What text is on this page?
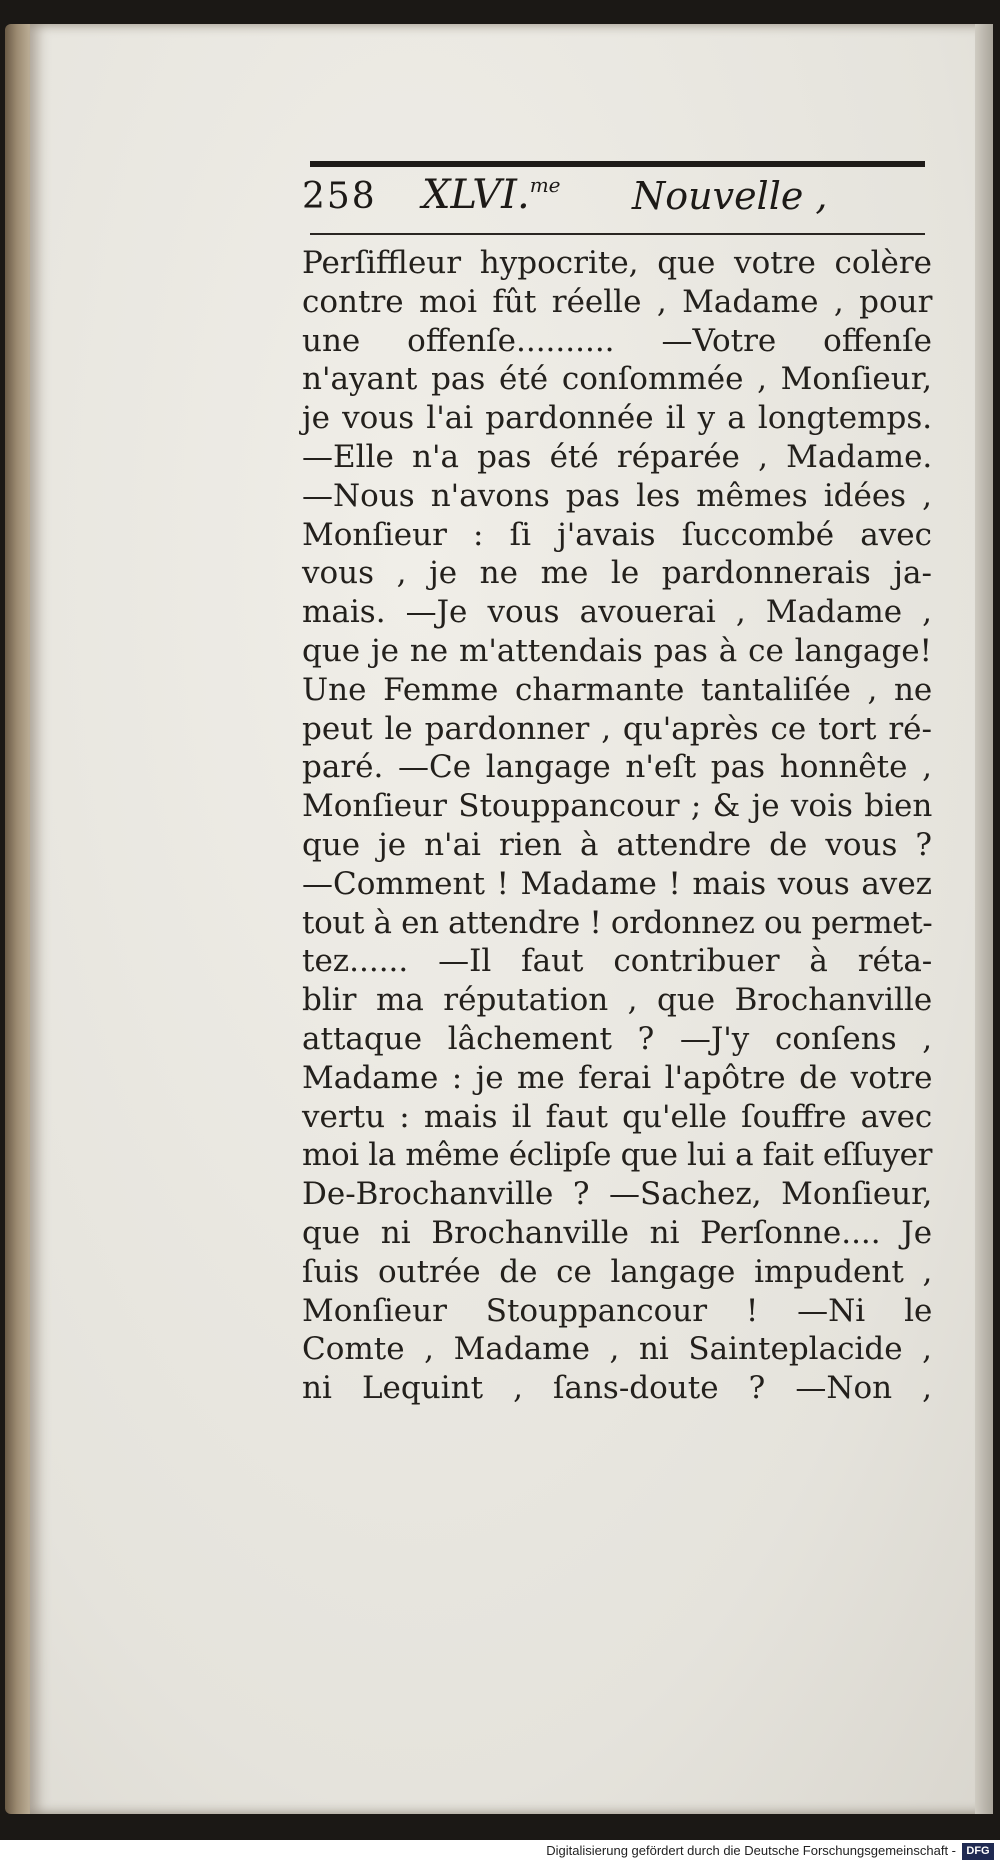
258 XLVI.$^{me}$ Nouvelle ,
Perſiffleur hypocrite, que votre colère
contre moi fût réelle , Madame , pour
une offenſe.......... —Votre offenſe
n'ayant pas été conſommée , Monſieur,
je vous l'ai pardonnée il y a longtemps.
—Elle n'a pas été réparée , Madame.
—Nous n'avons pas les mêmes idées ,
Monſieur : ſi j'avais ſuccombé avec
vous , je ne me le pardonnerais ja-
mais. —Je vous avouerai , Madame ,
que je ne m'attendais pas à ce langage!
Une Femme charmante tantaliſée , ne
peut le pardonner , qu'après ce tort ré-
paré. —Ce langage n'eſt pas honnête ,
Monſieur Stouppancour ; & je vois bien
que je n'ai rien à attendre de vous ?
—Comment ! Madame ! mais vous avez
tout à en attendre ! ordonnez ou permet-
tez...... —Il faut contribuer à réta-
blir ma réputation , que Brochanville
attaque lâchement ? —J'y conſens ,
Madame : je me ferai l'apôtre de votre
vertu : mais il faut qu'elle ſouffre avec
moi la même éclipſe que lui a fait eſſuyer
De-Brochanville ? —Sachez, Monſieur,
que ni Brochanville ni Perſonne.... Je
ſuis outrée de ce langage impudent ,
Monſieur Stouppancour ! —Ni le
Comte , Madame , ni Sainteplacide ,
ni Lequint , ſans-doute ? —Non ,
Digitalisierung gefördert durch die Deutsche Forschungsgemeinschaft - DFG
